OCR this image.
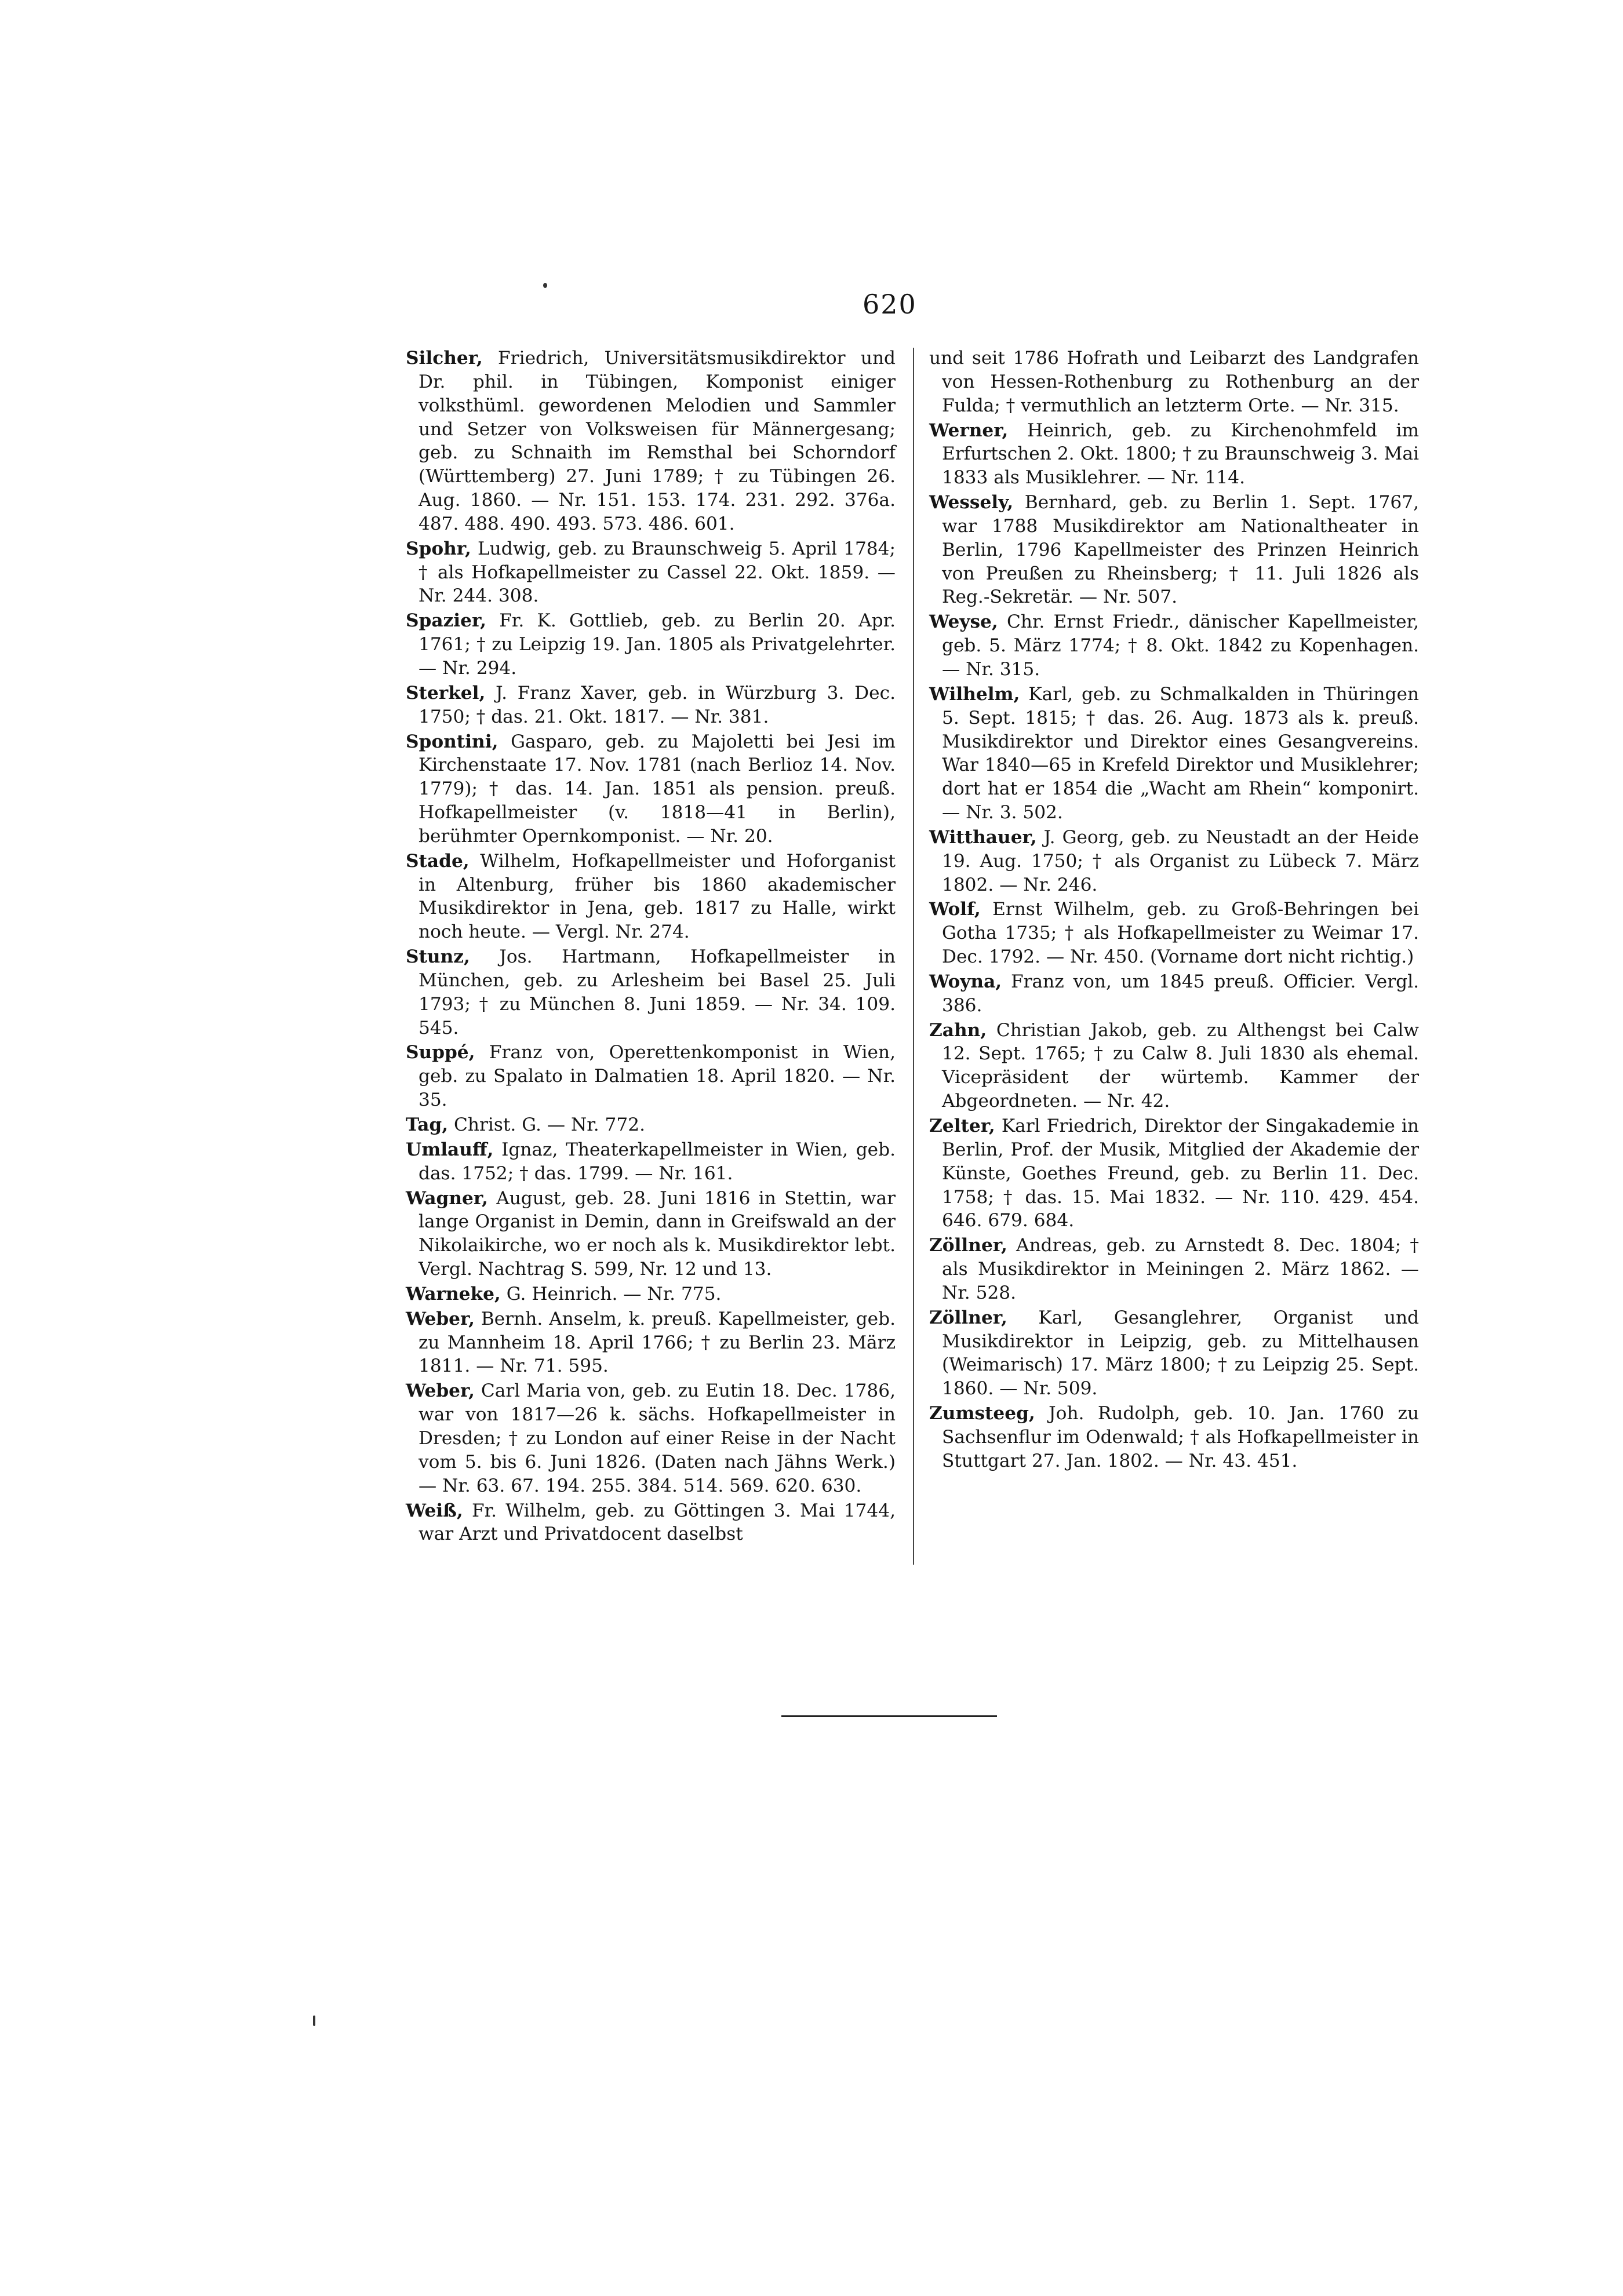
620

Silcher, Friedrich, Universitätsmusikdirektor und Dr. phil. in Tübingen, Komponist einiger volksthüml. gewordenen Melodien und Sammler und Setzer von Volksweisen für Männergesang; geb. zu Schnaith im Remsthal bei Schorndorf (Württemberg) 27. Juni 1789; † zu Tübingen 26. Aug. 1860. — Nr. 151. 153. 174. 231. 292. 376a. 487. 488. 490. 493. 573. 486. 601.

Spohr, Ludwig, geb. zu Braunschweig 5. April 1784; † als Hofkapellmeister zu Cassel 22. Okt. 1859. — Nr. 244. 308.

Spazier, Fr. K. Gottlieb, geb. zu Berlin 20. Apr. 1761; † zu Leipzig 19. Jan. 1805 als Privatgelehrter. — Nr. 294.

Sterkel, J. Franz Xaver, geb. in Würzburg 3. Dec. 1750; † das. 21. Okt. 1817. — Nr. 381.

Spontini, Gasparo, geb. zu Majoletti bei Jesi im Kirchenstaate 17. Nov. 1781 (nach Berlioz 14. Nov. 1779); † das. 14. Jan. 1851 als pension. preuß. Hofkapellmeister (v. 1818—41 in Berlin), berühmter Opernkomponist. — Nr. 20.

Stade, Wilhelm, Hofkapellmeister und Hoforganist in Altenburg, früher bis 1860 akademischer Musikdirektor in Jena, geb. 1817 zu Halle, wirkt noch heute. — Vergl. Nr. 274.

Stunz, Jos. Hartmann, Hofkapellmeister in München, geb. zu Arlesheim bei Basel 25. Juli 1793; † zu München 8. Juni 1859. — Nr. 34. 109. 545.

Suppé, Franz von, Operettenkomponist in Wien, geb. zu Spalato in Dalmatien 18. April 1820. — Nr. 35.

Tag, Christ. G. — Nr. 772.

Umlauff, Ignaz, Theaterkapellmeister in Wien, geb. das. 1752; † das. 1799. — Nr. 161.

Wagner, August, geb. 28. Juni 1816 in Stettin, war lange Organist in Demin, dann in Greifswald an der Nikolaikirche, wo er noch als k. Musikdirektor lebt. Vergl. Nachtrag S. 599, Nr. 12 und 13.

Warneke, G. Heinrich. — Nr. 775.

Weber, Bernh. Anselm, k. preuß. Kapellmeister, geb. zu Mannheim 18. April 1766; † zu Berlin 23. März 1811. — Nr. 71. 595.

Weber, Carl Maria von, geb. zu Eutin 18. Dec. 1786, war von 1817—26 k. sächs. Hofkapellmeister in Dresden; † zu London auf einer Reise in der Nacht vom 5. bis 6. Juni 1826. (Daten nach Jähns Werk.) — Nr. 63. 67. 194. 255. 384. 514. 569. 620. 630.

Weiß, Fr. Wilhelm, geb. zu Göttingen 3. Mai 1744, war Arzt und Privatdocent daselbst

und seit 1786 Hofrath und Leibarzt des Landgrafen von Hessen-Rothenburg zu Rothenburg an der Fulda; † vermuthlich an letzterm Orte. — Nr. 315.

Werner, Heinrich, geb. zu Kirchenohmfeld im Erfurtschen 2. Okt. 1800; † zu Braunschweig 3. Mai 1833 als Musiklehrer. — Nr. 114.

Wessely, Bernhard, geb. zu Berlin 1. Sept. 1767, war 1788 Musikdirektor am Nationaltheater in Berlin, 1796 Kapellmeister des Prinzen Heinrich von Preußen zu Rheinsberg; † 11. Juli 1826 als Reg.-Sekretär. — Nr. 507.

Weyse, Chr. Ernst Friedr., dänischer Kapellmeister, geb. 5. März 1774; † 8. Okt. 1842 zu Kopenhagen. — Nr. 315.

Wilhelm, Karl, geb. zu Schmalkalden in Thüringen 5. Sept. 1815; † das. 26. Aug. 1873 als k. preuß. Musikdirektor und Direktor eines Gesangvereins. War 1840—65 in Krefeld Direktor und Musiklehrer; dort hat er 1854 die „Wacht am Rhein“ komponirt. — Nr. 3. 502.

Witthauer, J. Georg, geb. zu Neustadt an der Heide 19. Aug. 1750; † als Organist zu Lübeck 7. März 1802. — Nr. 246.

Wolf, Ernst Wilhelm, geb. zu Groß-Behringen bei Gotha 1735; † als Hofkapellmeister zu Weimar 17. Dec. 1792. — Nr. 450. (Vorname dort nicht richtig.)

Woyna, Franz von, um 1845 preuß. Officier. Vergl. 386.

Zahn, Christian Jakob, geb. zu Althengst bei Calw 12. Sept. 1765; † zu Calw 8. Juli 1830 als ehemal. Vicepräsident der würtemb. Kammer der Abgeordneten. — Nr. 42.

Zelter, Karl Friedrich, Direktor der Singakademie in Berlin, Prof. der Musik, Mitglied der Akademie der Künste, Goethes Freund, geb. zu Berlin 11. Dec. 1758; † das. 15. Mai 1832. — Nr. 110. 429. 454. 646. 679. 684.

Zöllner, Andreas, geb. zu Arnstedt 8. Dec. 1804; † als Musikdirektor in Meiningen 2. März 1862. — Nr. 528.

Zöllner, Karl, Gesanglehrer, Organist und Musikdirektor in Leipzig, geb. zu Mittelhausen (Weimarisch) 17. März 1800; † zu Leipzig 25. Sept. 1860. — Nr. 509.

Zumsteeg, Joh. Rudolph, geb. 10. Jan. 1760 zu Sachsenflur im Odenwald; † als Hofkapellmeister in Stuttgart 27. Jan. 1802. — Nr. 43. 451.
